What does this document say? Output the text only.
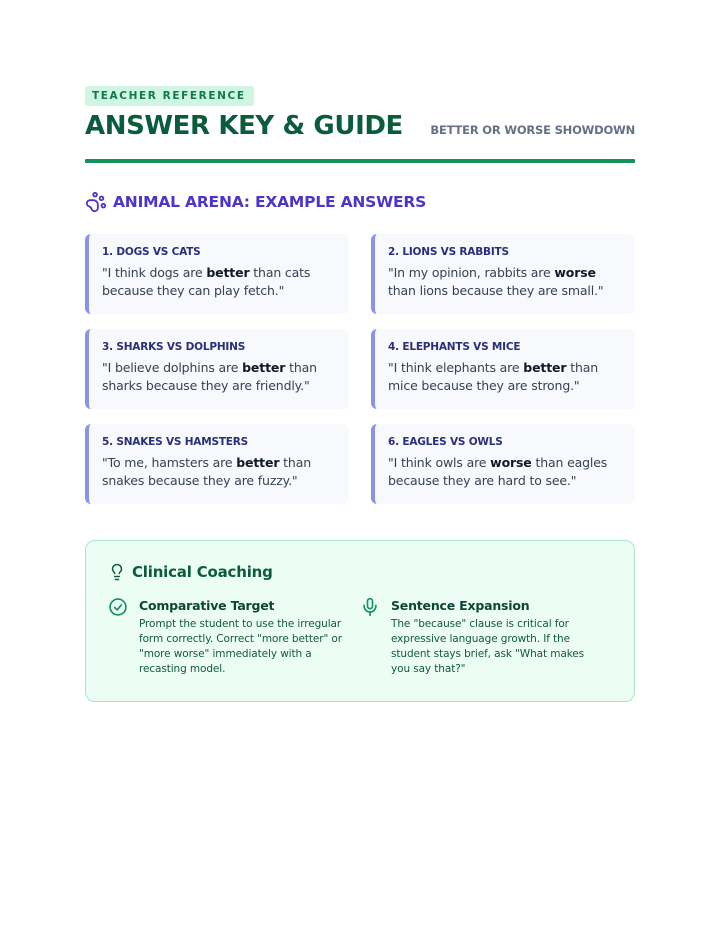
TEACHER REFERENCE
ANSWER KEY & GUIDE BETTER OR WORSE SHOWDOWN
ANIMAL ARENA: EXAMPLE ANSWERS
1. DOGS VS CATS
"I think dogs are better than cats because they can play fetch."
2. LIONS VS RABBITS
"In my opinion, rabbits are worse than lions because they are small."
3. SHARKS VS DOLPHINS
"I believe dolphins are better than sharks because they are friendly."
4. ELEPHANTS VS MICE
"I think elephants are better than mice because they are strong."
5. SNAKES VS HAMSTERS
"To me, hamsters are better than snakes because they are fuzzy."
6. EAGLES VS OWLS
"I think owls are worse than eagles because they are hard to see."
Clinical Coaching
Comparative Target
Prompt the student to use the irregular form correctly. Correct "more better" or "more worse" immediately with a recasting model.
Sentence Expansion
The "because" clause is critical for expressive language growth. If the student stays brief, ask "What makes you say that?"
